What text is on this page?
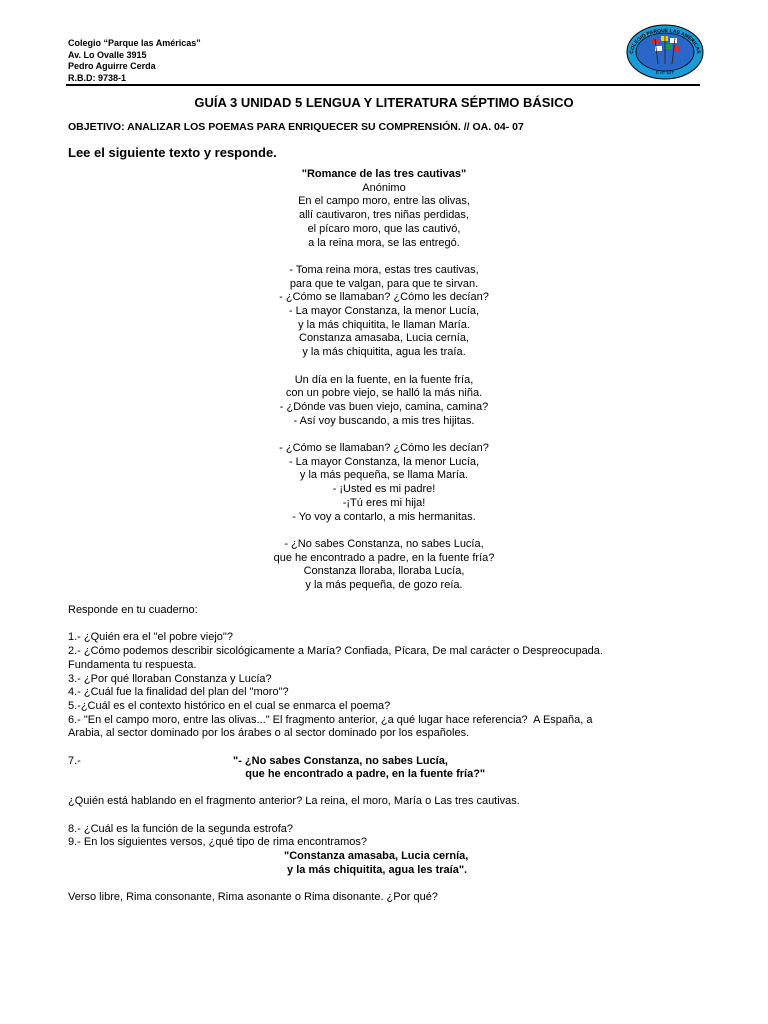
Colegio “Parque las Américas”
Av. Lo Ovalle 3915
Pedro Aguirre Cerda
R.B.D: 9738-1
COLEGIO PARQUE LAS AMÉRICAS
E Nº 527
GUÍA 3 UNIDAD 5 LENGUA Y LITERATURA SÉPTIMO BÁSICO
OBJETIVO: ANALIZAR LOS POEMAS PARA ENRIQUECER SU COMPRENSIÓN. // OA. 04- 07
Lee el siguiente texto y responde.
"Romance de las tres cautivas"
Anónimo
En el campo moro, entre las olivas,
allí cautivaron, tres niñas perdidas,
el pícaro moro, que las cautivó,
a la reina mora, se las entregó.
- Toma reina mora, estas tres cautivas,
para que te valgan, para que te sirvan.
- ¿Cómo se llamaban? ¿Cómo les decían?
- La mayor Constanza, la menor Lucía,
y la más chiquitita, le llaman María.
Constanza amasaba, Lucia cernía,
y la más chiquitita, agua les traía.
Un día en la fuente, en la fuente fría,
con un pobre viejo, se halló la más niña.
- ¿Dónde vas buen viejo, camina, camina?
- Así voy buscando, a mis tres hijitas.
- ¿Cómo se llamaban? ¿Cómo les decían?
- La mayor Constanza, la menor Lucía,
y la más pequeña, se llama María.
- ¡Usted es mi padre!
-¡Tú eres mi hija!
- Yo voy a contarlo, a mis hermanitas.
- ¿No sabes Constanza, no sabes Lucía,
que he encontrado a padre, en la fuente fría?
Constanza lloraba, lloraba Lucía,
y la más pequeña, de gozo reía.
Responde en tu cuaderno:
1.- ¿Quién era el "el pobre viejo"?
2.- ¿Cómo podemos describir sicológicamente a María? Confiada, Pícara, De mal carácter o Despreocupada.
Fundamenta tu respuesta.
3.- ¿Por qué lloraban Constanza y Lucía?
4.- ¿Cuál fue la finalidad del plan del "moro"?
5.-¿Cuál es el contexto histórico en el cual se enmarca el poema?
6.- "En el campo moro, entre las olivas..." El fragmento anterior, ¿a qué lugar hace referencia?  A España, a
Arabia, al sector dominado por los árabes o al sector dominado por los españoles.
7.-	"- ¿No sabes Constanza, no sabes Lucía,
que he encontrado a padre, en la fuente fría?"
¿Quién está hablando en el fragmento anterior? La reina, el moro, María o Las tres cautivas.
8.- ¿Cuál es la función de la segunda estrofa?
9.- En los siguientes versos, ¿qué tipo de rima encontramos?
"Constanza amasaba, Lucia cernía,
y la más chiquitita, agua les traía".
Verso libre, Rima consonante, Rima asonante o Rima disonante. ¿Por qué?
